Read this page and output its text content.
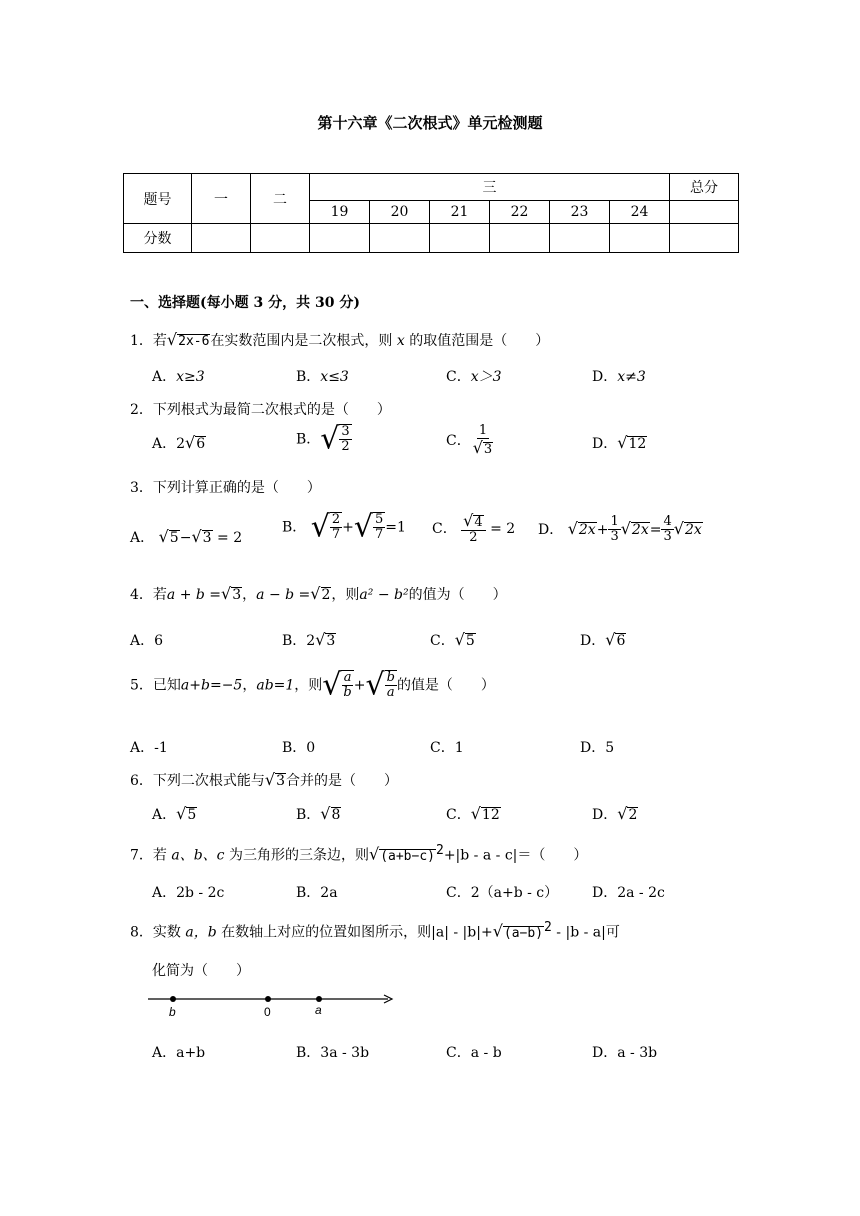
第十六章《二次根式》单元检测题
题号	一	二	三						总分
			19	20	21	22	23	24	
分数									
一、选择题(每小题 3 分，共 30 分)
1．若√2x-6在实数范围内是二次根式，则 x 的取值范围是（　　）
A．x≥3	B．x≤3	C．x＞3	D．x≠3
2．下列根式为最简二次根式的是（　　）
A．2√6	B．√ $\frac{3}{2}$	C． $\frac{1}{√3}$	D．√12
3．下列计算正确的是（　　）
A． √5−√3 = 2
B． √ $\frac{2}{7}$ +√ $\frac{5}{7} =1$ C． $\frac{√4}{2} = 2$ D． $√2x+ \frac{1}{3} √2x= \frac{4}{3} √2x$
4．若a + b =√3，a − b =√2，则a² − b²的值为（　　）
A．6	B．2√3	C．√5	D．√6
5．已知a+b=−5，ab=1，则√ $\frac{a}{b}$ +√ $\frac{b}{a}$ 的值是（　　）
A．-1	B．0	C．1	D．5
6．下列二次根式能与√3合并的是（　　）
A．√5	B．√8	C．√12	D．√2
7．若 a、b、c 为三角形的三条边，则$√(a+b-c)^2+|b - a - c|=$（　　）
A．2b - 2c	B．2a	C．2（a+b - c） D．2a - 2c
8．实数 a，b 在数轴上对应的位置如图所示，则$|a| - |b|+√(a-b)^2 - |b - a|$可
化简为（　　）
b	0	a
A．a+b	B．3a - 3b	C．a - b	D．a - 3b
